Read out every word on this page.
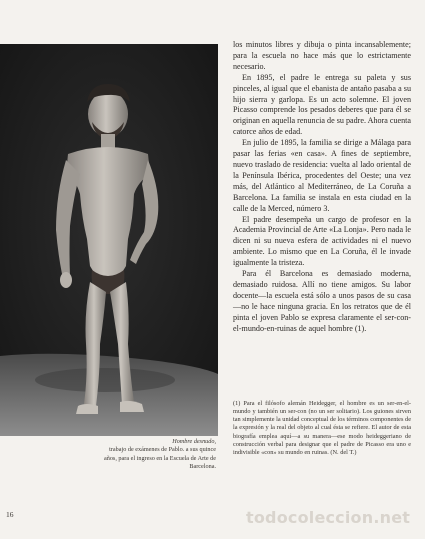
Hombre desnudo,
trabajo de exámenes de Pablo. a sus quince años, para el ingreso en la Escuela de Arte de Barcelona.

los minutos libres y dibuja o pinta incansablemente; para la escuela no hace más que lo estrictamente necesario.

En 1895, el padre le entrega su paleta y sus pinceles, al igual que el ebanista de antaño pasaba a su hijo sierra y garlopa. Es un acto solemne. El joven Picasso comprende los pesados deberes que para él se originan en aquella renuncia de su padre. Ahora cuenta catorce años de edad.

En julio de 1895, la familia se dirige a Málaga para pasar las ferias «en casa». A fines de septiembre, nuevo traslado de residencia: vuelta al lado oriental de la Península Ibérica, procedentes del Oeste; una vez más, del Atlántico al Mediterráneo, de La Coruña a Barcelona. La familia se instala en esta ciudad en la calle de la Merced, número 3.

El padre desempeña un cargo de profesor en la Academia Provincial de Arte «La Lonja». Pero nada le dicen ni su nueva esfera de actividades ni el nuevo ambiente. Lo mismo que en La Coruña, él le invade igualmente la tristeza.

Para él Barcelona es demasiado moderna, demasiado ruidosa. Allí no tiene amigos. Su labor docente—la escuela está sólo a unos pasos de su casa—no le hace ninguna gracia. En los retratos que de él pinta el joven Pablo se expresa claramente el ser-con-el-mundo-en-ruinas de aquel hombre (1).

(1) Para el filósofo alemán Heidegger, el hombre es un ser-en-el-mundo y también un ser-con (no un ser solitario). Los guiones sirven tan simplemente la unidad conceptual de los términos componentes de la expresión y la real del objeto al cual ésta se refiere. El autor de esta biografía emplea aquí—a su manera—ese modo heideggeriano de construcción verbal para designar que el padre de Picasso era uno e indivisible «con» su mundo en ruinas. (N. del T.)

16	todocoleccion.net
